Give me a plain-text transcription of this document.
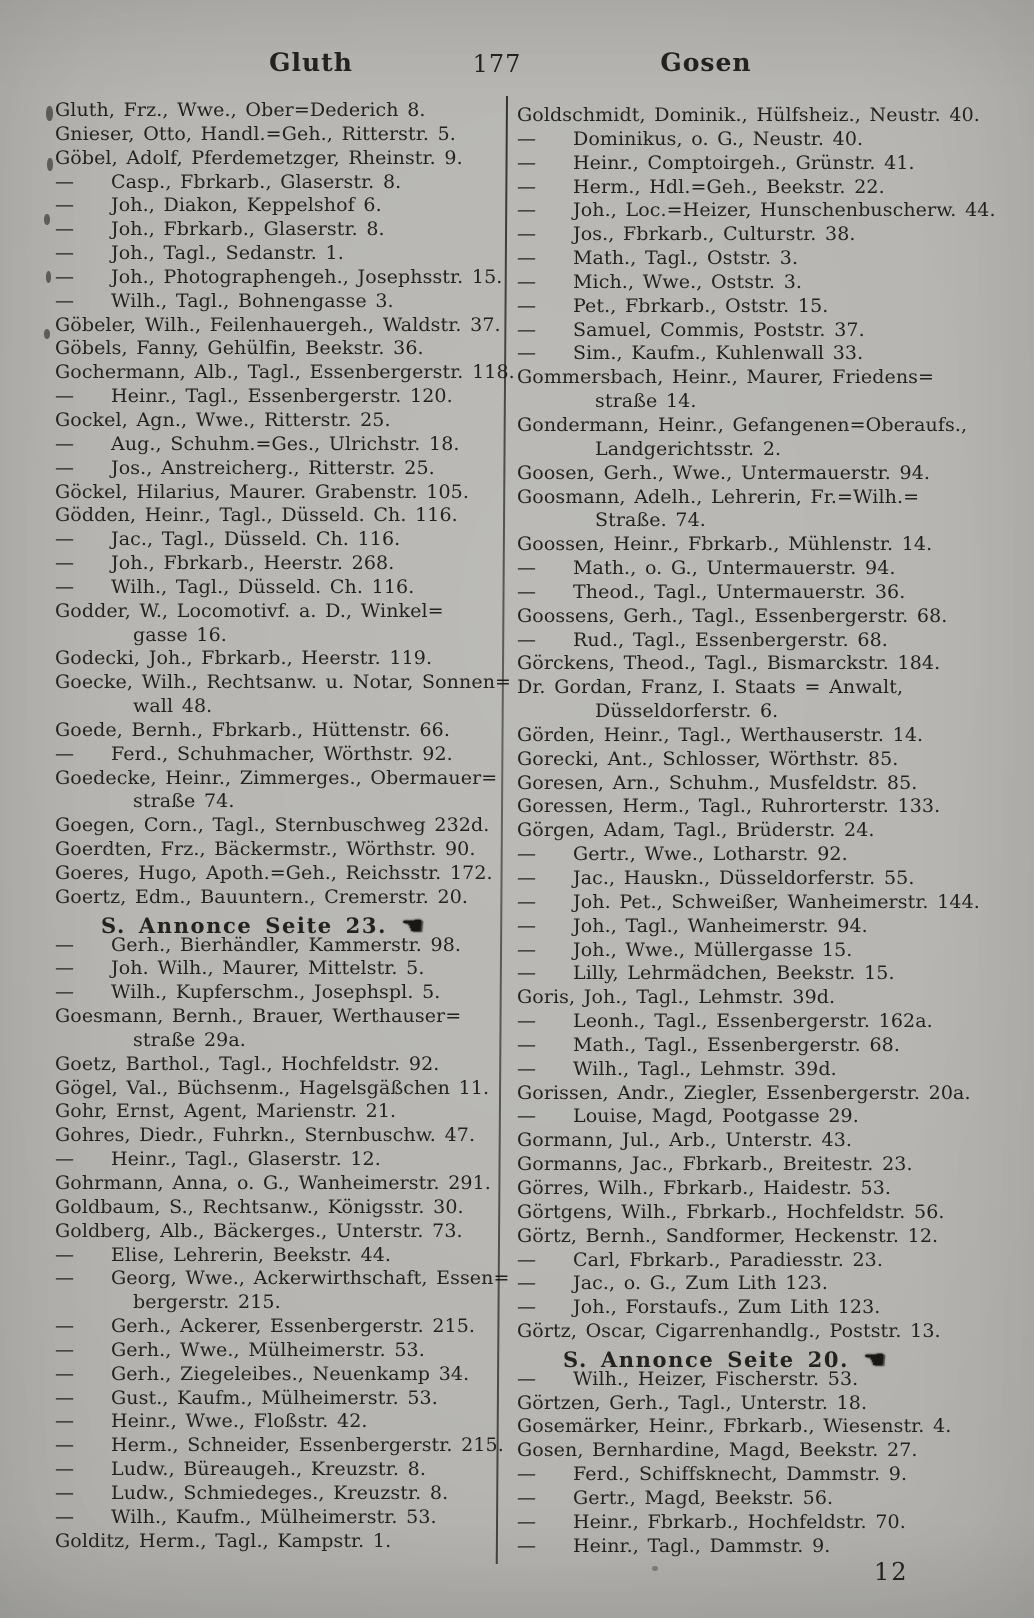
Gluth	177	Gosen
Gluth, Frz., Wwe., Ober=Dederich 8.
Gnieser, Otto, Handl.=Geh., Ritterstr. 5.
Göbel, Adolf, Pferdemetzger, Rheinstr. 9.
— Casp., Fbrkarb., Glaserstr. 8.
— Joh., Diakon, Keppelshof 6.
— Joh., Fbrkarb., Glaserstr. 8.
— Joh., Tagl., Sedanstr. 1.
— Joh., Photographengeh., Josephsstr. 15.
— Wilh., Tagl., Bohnengasse 3.
Göbeler, Wilh., Feilenhauergeh., Waldstr. 37.
Göbels, Fanny, Gehülfin, Beekstr. 36.
Gochermann, Alb., Tagl., Essenbergerstr. 118.
— Heinr., Tagl., Essenbergerstr. 120.
Gockel, Agn., Wwe., Ritterstr. 25.
— Aug., Schuhm.=Ges., Ulrichstr. 18.
— Jos., Anstreicherg., Ritterstr. 25.
Göckel, Hilarius, Maurer. Grabenstr. 105.
Gödden, Heinr., Tagl., Düsseld. Ch. 116.
— Jac., Tagl., Düsseld. Ch. 116.
— Joh., Fbrkarb., Heerstr. 268.
— Wilh., Tagl., Düsseld. Ch. 116.
Godder, W., Locomotivf. a. D., Winkel=
gasse 16.
Godecki, Joh., Fbrkarb., Heerstr. 119.
Goecke, Wilh., Rechtsanw. u. Notar, Sonnen=
wall 48.
Goede, Bernh., Fbrkarb., Hüttenstr. 66.
— Ferd., Schuhmacher, Wörthstr. 92.
Goedecke, Heinr., Zimmerges., Obermauer=
straße 74.
Goegen, Corn., Tagl., Sternbuschweg 232d.
Goerdten, Frz., Bäckermstr., Wörthstr. 90.
Goeres, Hugo, Apoth.=Geh., Reichsstr. 172.
Goertz, Edm., Bauuntern., Cremerstr. 20.
S. Annonce Seite 23. ☚
— Gerh., Bierhändler, Kammerstr. 98.
— Joh. Wilh., Maurer, Mittelstr. 5.
— Wilh., Kupferschm., Josephspl. 5.
Goesmann, Bernh., Brauer, Werthauser=
straße 29a.
Goetz, Barthol., Tagl., Hochfeldstr. 92.
Gögel, Val., Büchsenm., Hagelsgäßchen 11.
Gohr, Ernst, Agent, Marienstr. 21.
Gohres, Diedr., Fuhrkn., Sternbuschw. 47.
— Heinr., Tagl., Glaserstr. 12.
Gohrmann, Anna, o. G., Wanheimerstr. 291.
Goldbaum, S., Rechtsanw., Königsstr. 30.
Goldberg, Alb., Bäckerges., Unterstr. 73.
— Elise, Lehrerin, Beekstr. 44.
— Georg, Wwe., Ackerwirthschaft, Essen=
bergerstr. 215.
— Gerh., Ackerer, Essenbergerstr. 215.
— Gerh., Wwe., Mülheimerstr. 53.
— Gerh., Ziegeleibes., Neuenkamp 34.
— Gust., Kaufm., Mülheimerstr. 53.
— Heinr., Wwe., Floßstr. 42.
— Herm., Schneider, Essenbergerstr. 215.
— Ludw., Büreaugeh., Kreuzstr. 8.
— Ludw., Schmiedeges., Kreuzstr. 8.
— Wilh., Kaufm., Mülheimerstr. 53.
Golditz, Herm., Tagl., Kampstr. 1.
Goldschmidt, Dominik., Hülfsheiz., Neustr. 40.
— Dominikus, o. G., Neustr. 40.
— Heinr., Comptoirgeh., Grünstr. 41.
— Herm., Hdl.=Geh., Beekstr. 22.
— Joh., Loc.=Heizer, Hunschenbuscherw. 44.
— Jos., Fbrkarb., Culturstr. 38.
— Math., Tagl., Oststr. 3.
— Mich., Wwe., Oststr. 3.
— Pet., Fbrkarb., Oststr. 15.
— Samuel, Commis, Poststr. 37.
— Sim., Kaufm., Kuhlenwall 33.
Gommersbach, Heinr., Maurer, Friedens=
straße 14.
Gondermann, Heinr., Gefangenen=Oberaufs.,
Landgerichtsstr. 2.
Goosen, Gerh., Wwe., Untermauerstr. 94.
Goosmann, Adelh., Lehrerin, Fr.=Wilh.=
Straße. 74.
Goossen, Heinr., Fbrkarb., Mühlenstr. 14.
— Math., o. G., Untermauerstr. 94.
— Theod., Tagl., Untermauerstr. 36.
Goossens, Gerh., Tagl., Essenbergerstr. 68.
— Rud., Tagl., Essenbergerstr. 68.
Görckens, Theod., Tagl., Bismarckstr. 184.
Dr. Gordan, Franz, I. Staats = Anwalt,
Düsseldorferstr. 6.
Görden, Heinr., Tagl., Werthauserstr. 14.
Gorecki, Ant., Schlosser, Wörthstr. 85.
Goresen, Arn., Schuhm., Musfeldstr. 85.
Goressen, Herm., Tagl., Ruhrorterstr. 133.
Görgen, Adam, Tagl., Brüderstr. 24.
— Gertr., Wwe., Lotharstr. 92.
— Jac., Hauskn., Düsseldorferstr. 55.
— Joh. Pet., Schweißer, Wanheimerstr. 144.
— Joh., Tagl., Wanheimerstr. 94.
— Joh., Wwe., Müllergasse 15.
— Lilly, Lehrmädchen, Beekstr. 15.
Goris, Joh., Tagl., Lehmstr. 39d.
— Leonh., Tagl., Essenbergerstr. 162a.
— Math., Tagl., Essenbergerstr. 68.
— Wilh., Tagl., Lehmstr. 39d.
Gorissen, Andr., Ziegler, Essenbergerstr. 20a.
— Louise, Magd, Pootgasse 29.
Gormann, Jul., Arb., Unterstr. 43.
Gormanns, Jac., Fbrkarb., Breitestr. 23.
Görres, Wilh., Fbrkarb., Haidestr. 53.
Görtgens, Wilh., Fbrkarb., Hochfeldstr. 56.
Görtz, Bernh., Sandformer, Heckenstr. 12.
— Carl, Fbrkarb., Paradiesstr. 23.
— Jac., o. G., Zum Lith 123.
— Joh., Forstaufs., Zum Lith 123.
Görtz, Oscar, Cigarrenhandlg., Poststr. 13.
S. Annonce Seite 20. ☚
— Wilh., Heizer, Fischerstr. 53.
Görtzen, Gerh., Tagl., Unterstr. 18.
Gosemärker, Heinr., Fbrkarb., Wiesenstr. 4.
Gosen, Bernhardine, Magd, Beekstr. 27.
— Ferd., Schiffsknecht, Dammstr. 9.
— Gertr., Magd, Beekstr. 56.
— Heinr., Fbrkarb., Hochfeldstr. 70.
— Heinr., Tagl., Dammstr. 9.
12
